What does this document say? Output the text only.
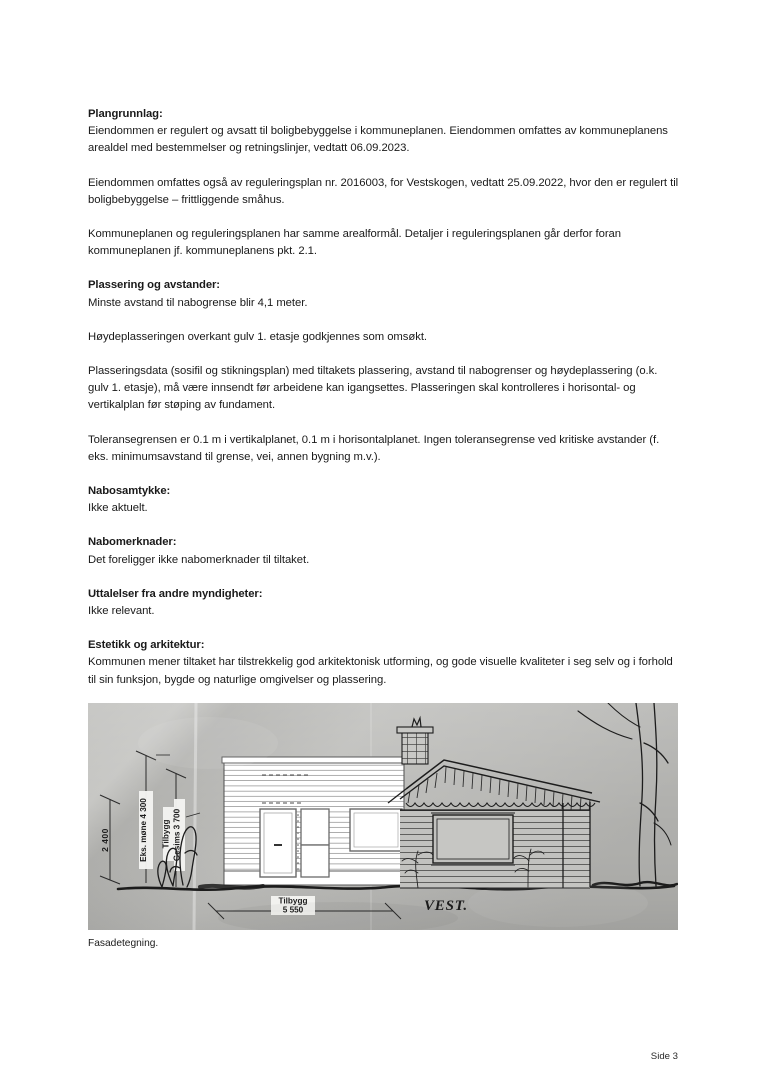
Plangrunnlag:

Eiendommen er regulert og avsatt til boligbebyggelse i kommuneplanen. Eiendommen omfattes av kommuneplanens arealdel med bestemmelser og retningslinjer, vedtatt 06.09.2023.

Eiendommen omfattes også av reguleringsplan nr. 2016003, for Vestskogen, vedtatt 25.09.2022, hvor den er regulert til boligbebyggelse – frittliggende småhus.

Kommuneplanen og reguleringsplanen har samme arealformål. Detaljer i reguleringsplanen går derfor foran kommuneplanen jf. kommuneplanens pkt. 2.1.

Plassering og avstander:

Minste avstand til nabogrense blir 4,1 meter.

Høydeplasseringen overkant gulv 1. etasje godkjennes som omsøkt.

Plasseringsdata (sosifil og stikningsplan) med tiltakets plassering, avstand til nabogrenser og høydeplassering (o.k. gulv 1. etasje), må være innsendt før arbeidene kan igangsettes. Plasseringen skal kontrolleres i horisontal- og vertikalplan før støping av fundament.

Toleransegrensen er 0.1 m i vertikalplanet, 0.1 m i horisontalplanet. Ingen toleransegrense ved kritiske avstander (f. eks. minimumsavstand til grense, vei, annen bygning m.v.).

Nabosamtykke:

Ikke aktuelt.

Nabomerknader:

Det foreligger ikke nabomerknader til tiltaket.

Uttalelser fra andre myndigheter:

Ikke relevant.

Estetikk og arkitektur:

Kommunen mener tiltaket har tilstrekkelig god arkitektonisk utforming, og gode visuelle kvaliteter i seg selv og i forhold til sin funksjon, bygde og naturlige omgivelser og plassering.

2 400	Eks. møne 4 300 Tilbygg Gesims 3 700
Tilbygg
5 550	VEST.
Fasadetegning.
Side 3
